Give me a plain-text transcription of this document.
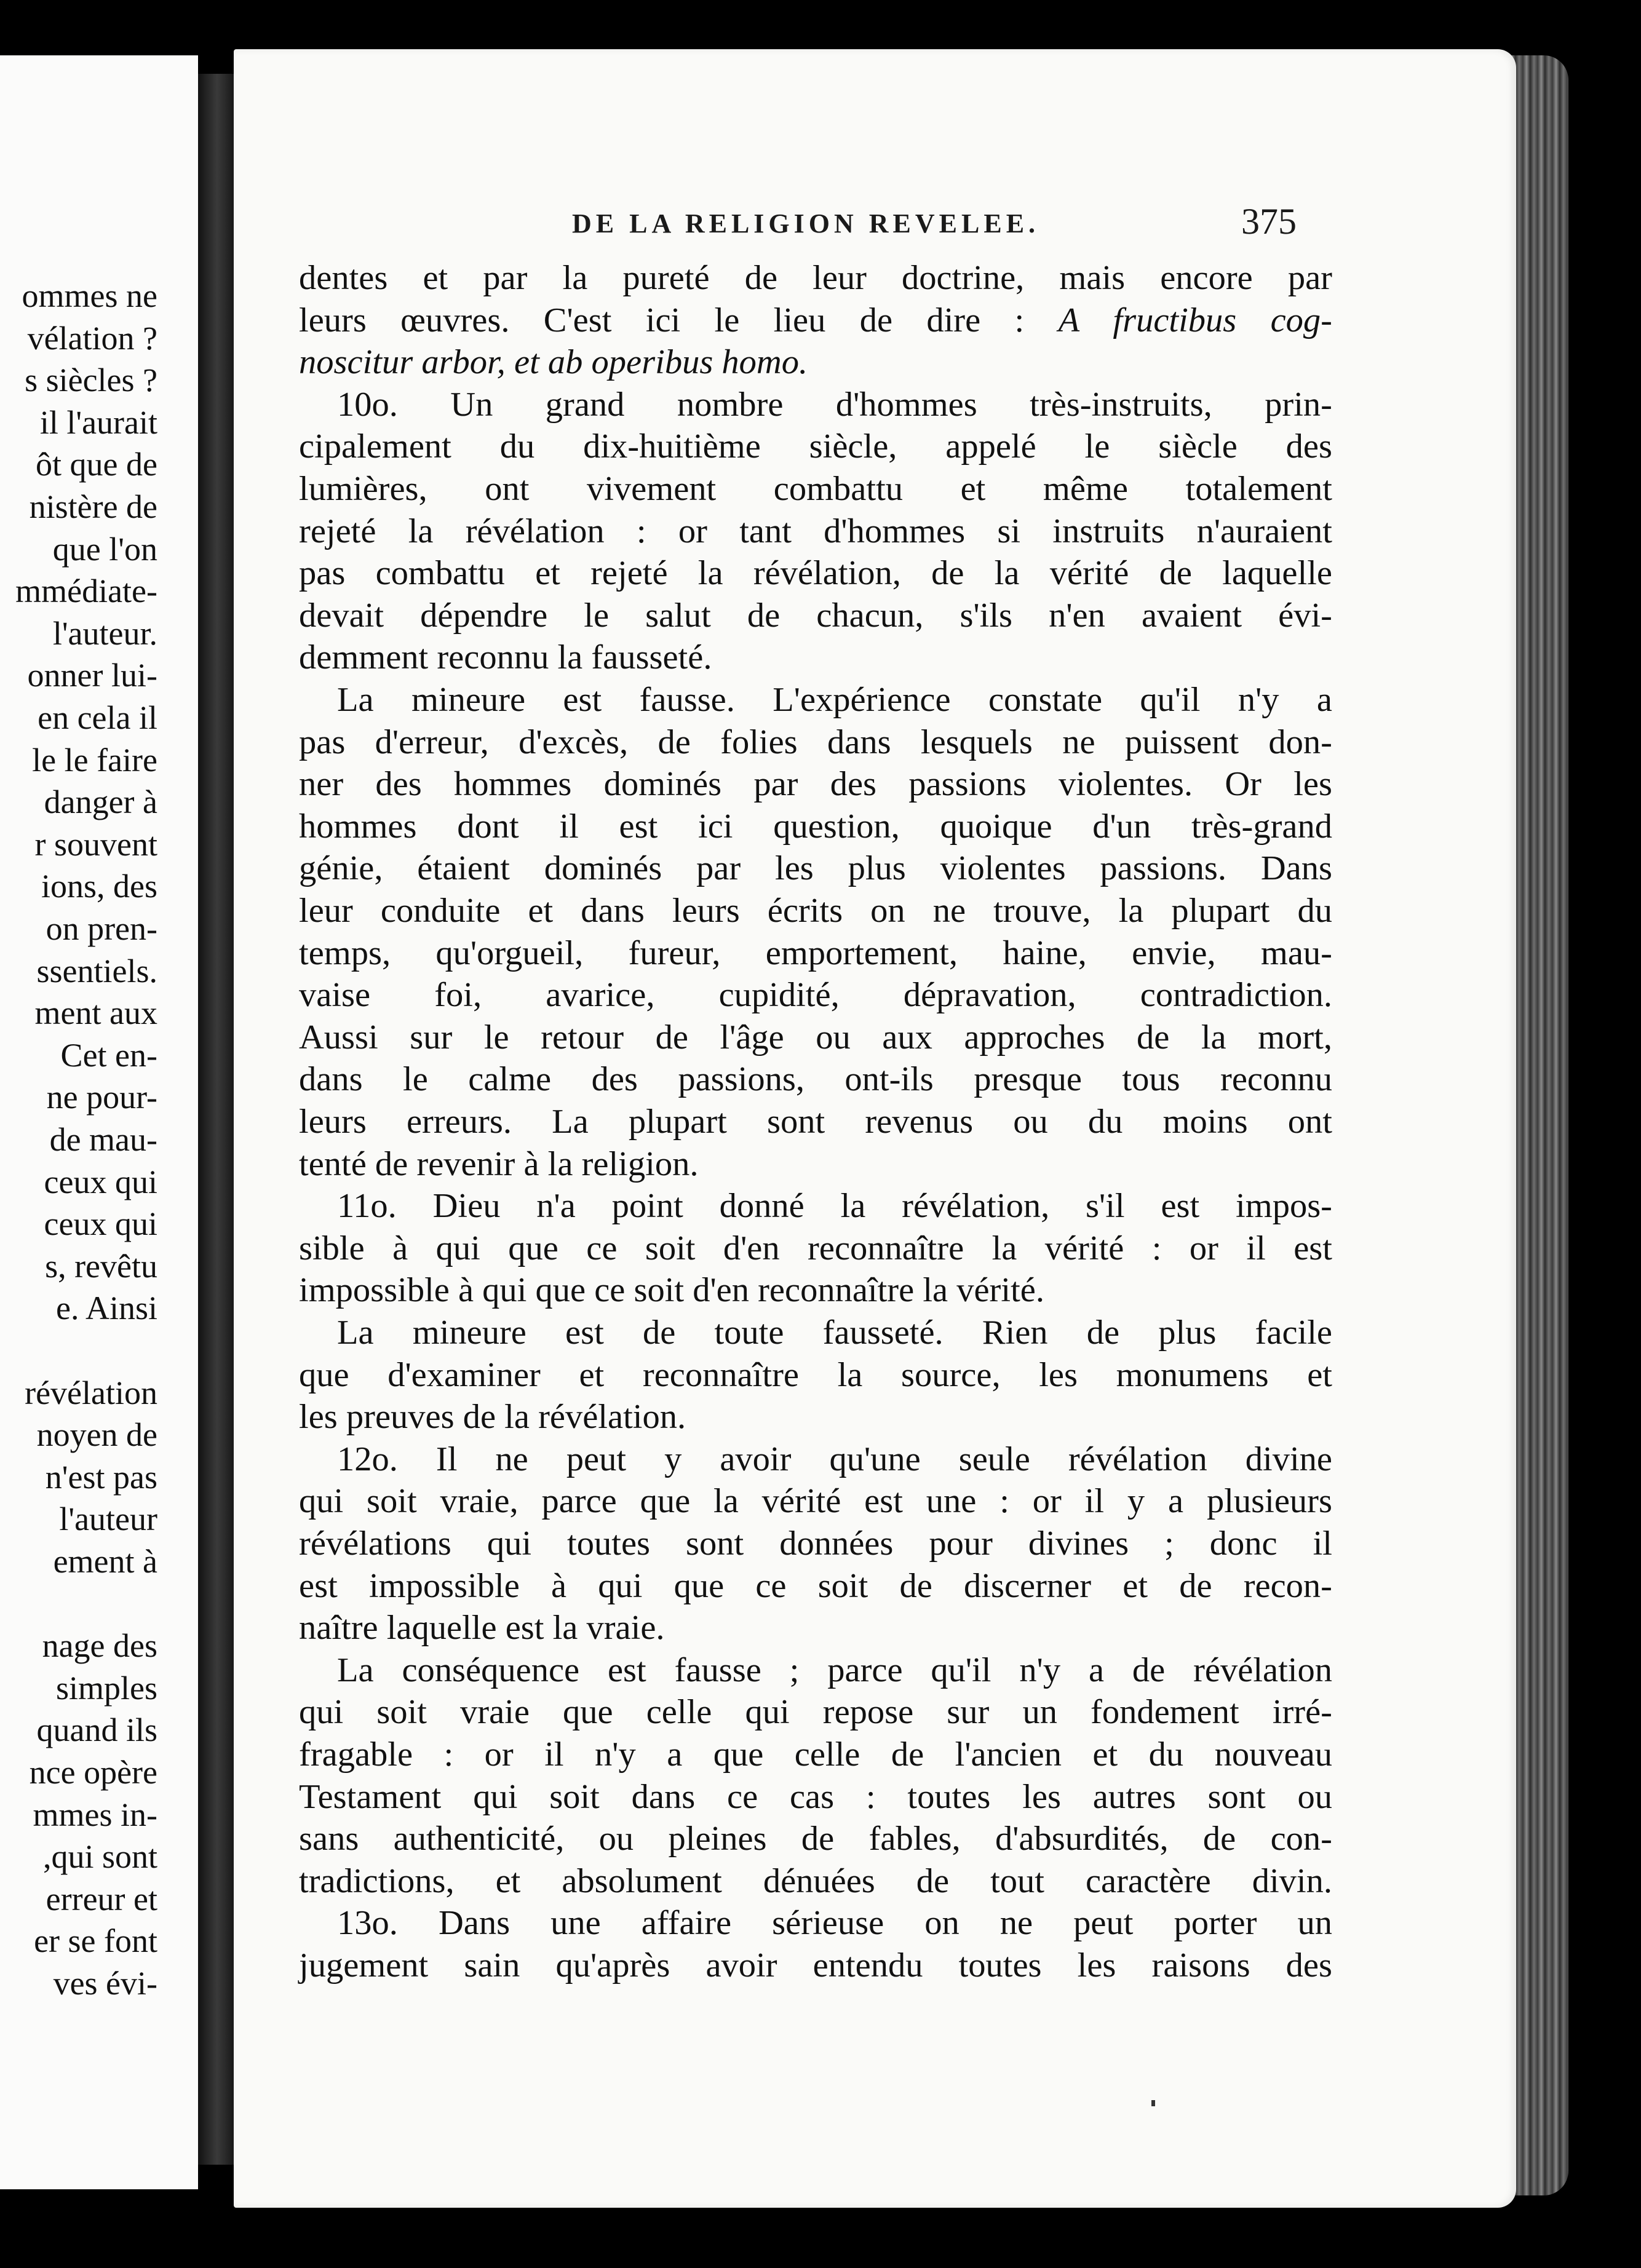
ommes ne
vélation ?
s siècles ?
il l'aurait
ôt que de
nistère de
que l'on
mmédiate-
l'auteur.
onner lui-
en cela il
le le faire
danger à
r souvent
ions, des
on pren-
ssentiels.
ment aux
Cet en-
ne pour-
de mau-
ceux qui
ceux qui
s, revêtu
e. Ainsi
révélation
noyen de
n'est pas
l'auteur
ement à
nage des
simples
quand ils
nce opère
mmes in-
,qui sont
erreur et
er se font
ves évi-
DE LA RELIGION REVELEE.	375
dentes et par la pureté de leur doctrine, mais encore par
leurs œuvres. C'est ici le lieu de dire : A fructibus cog-
noscitur arbor, et ab operibus homo.
10o. Un grand nombre d'hommes très-instruits, prin-
cipalement du dix-huitième siècle, appelé le siècle des
lumières, ont vivement combattu et même totalement
rejeté la révélation : or tant d'hommes si instruits n'auraient
pas combattu et rejeté la révélation, de la vérité de laquelle
devait dépendre le salut de chacun, s'ils n'en avaient évi-
demment reconnu la fausseté.
La mineure est fausse. L'expérience constate qu'il n'y a
pas d'erreur, d'excès, de folies dans lesquels ne puissent don-
ner des hommes dominés par des passions violentes. Or les
hommes dont il est ici question, quoique d'un très-grand
génie, étaient dominés par les plus violentes passions. Dans
leur conduite et dans leurs écrits on ne trouve, la plupart du
temps, qu'orgueil, fureur, emportement, haine, envie, mau-
vaise foi, avarice, cupidité, dépravation, contradiction.
Aussi sur le retour de l'âge ou aux approches de la mort,
dans le calme des passions, ont-ils presque tous reconnu
leurs erreurs. La plupart sont revenus ou du moins ont
tenté de revenir à la religion.
11o. Dieu n'a point donné la révélation, s'il est impos-
sible à qui que ce soit d'en reconnaître la vérité : or il est
impossible à qui que ce soit d'en reconnaître la vérité.
La mineure est de toute fausseté. Rien de plus facile
que d'examiner et reconnaître la source, les monumens et
les preuves de la révélation.
12o. Il ne peut y avoir qu'une seule révélation divine
qui soit vraie, parce que la vérité est une : or il y a plusieurs
révélations qui toutes sont données pour divines ; donc il
est impossible à qui que ce soit de discerner et de recon-
naître laquelle est la vraie.
La conséquence est fausse ; parce qu'il n'y a de révélation
qui soit vraie que celle qui repose sur un fondement irré-
fragable : or il n'y a que celle de l'ancien et du nouveau
Testament qui soit dans ce cas : toutes les autres sont ou
sans authenticité, ou pleines de fables, d'absurdités, de con-
tradictions, et absolument dénuées de tout caractère divin.
13o. Dans une affaire sérieuse on ne peut porter un
jugement sain qu'après avoir entendu toutes les raisons des
